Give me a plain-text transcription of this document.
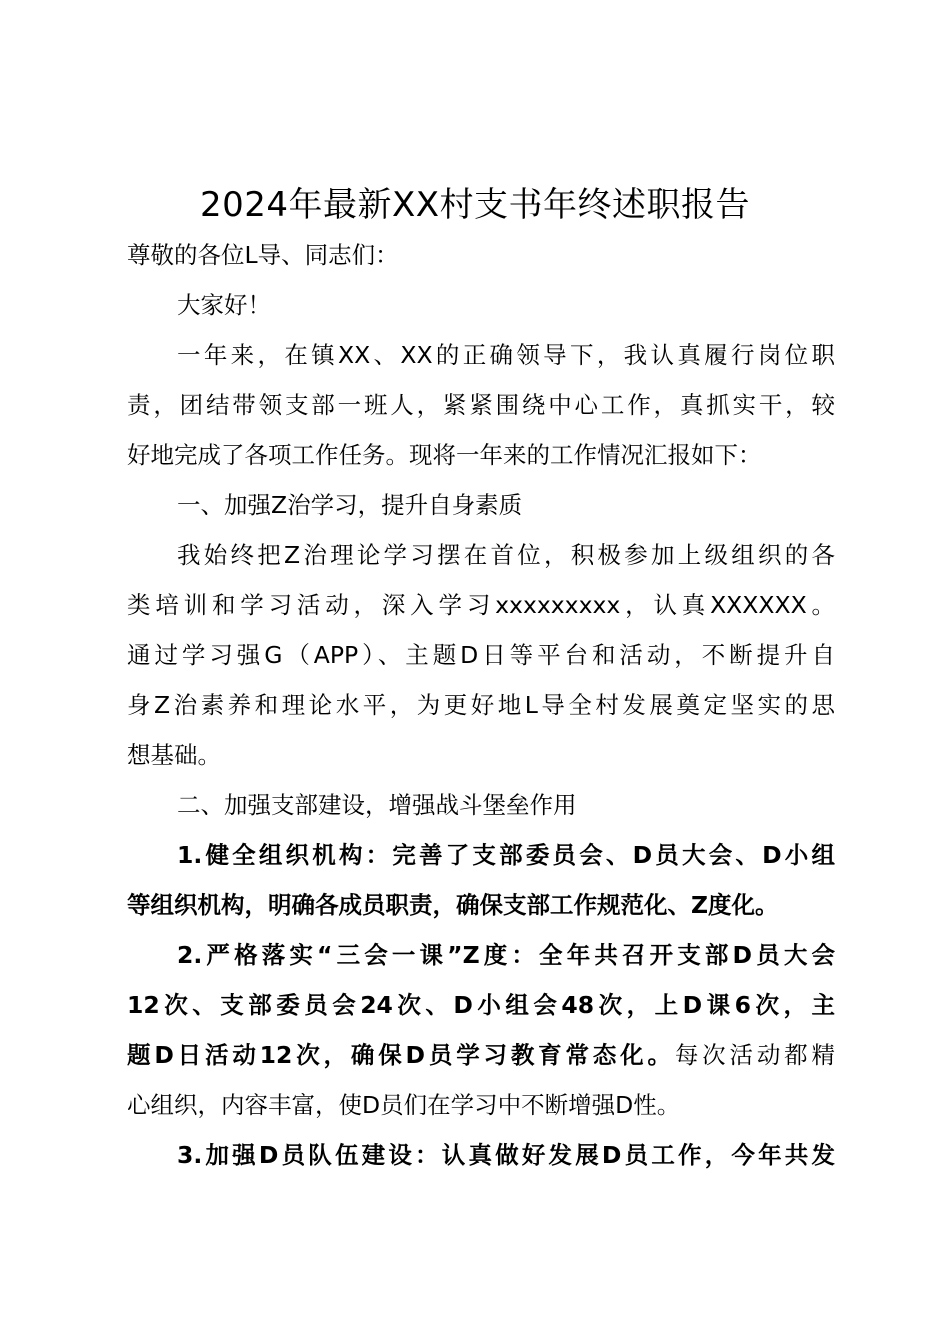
2024年最新XX村支书年终述职报告
尊敬的各位L导、同志们：
大家好！
一年来，在镇XX、XX的正确领导下，我认真履行岗位职
责，团结带领支部一班人，紧紧围绕中心工作，真抓实干，较
好地完成了各项工作任务。现将一年来的工作情况汇报如下：
一、加强Z治学习，提升自身素质
我始终把Z治理论学习摆在首位，积极参加上级组织的各
类培训和学习活动，深入学习xxxxxxxxx，认真XXXXXX。
通过学习强G（APP）、主题D日等平台和活动，不断提升自
身Z治素养和理论水平，为更好地L导全村发展奠定坚实的思
想基础。
二、加强支部建设，增强战斗堡垒作用
1.健全组织机构：完善了支部委员会、D员大会、D小组
等组织机构，明确各成员职责，确保支部工作规范化、Z度化。
2.严格落实“三会一课”Z度：全年共召开支部D员大会
12次、支部委员会24次、D小组会48次，上D课6次，主
题D日活动12次，确保D员学习教育常态化。每次活动都精
心组织，内容丰富，使D员们在学习中不断增强D性。
3.加强D员队伍建设：认真做好发展D员工作，今年共发
